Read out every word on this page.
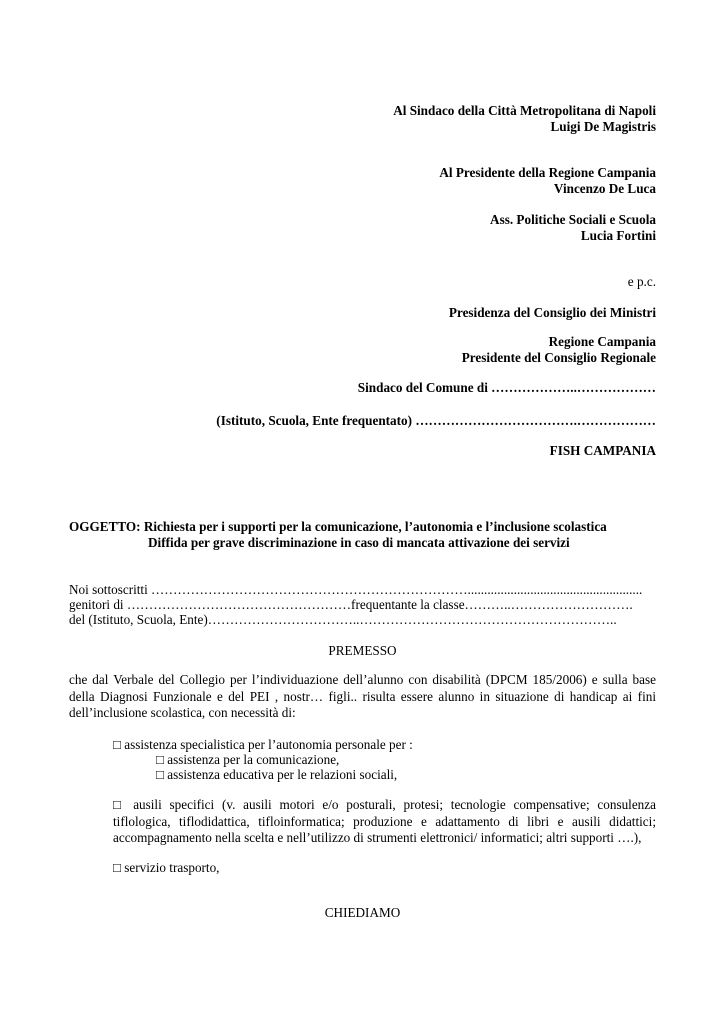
Al Sindaco della Città Metropolitana di Napoli
Luigi De Magistris
Al Presidente della Regione Campania
Vincenzo De Luca
Ass. Politiche Sociali e Scuola
Lucia Fortini
e p.c.
Presidenza del Consiglio dei Ministri
Regione Campania
Presidente del Consiglio Regionale
Sindaco del Comune di ………………..………………
(Istituto, Scuola, Ente frequentato) ……………………………….………………
FISH CAMPANIA
OGGETTO: Richiesta per i supporti per la comunicazione, l’autonomia e l’inclusione scolastica
Diffida per grave discriminazione in caso di mancata attivazione dei servizi
Noi sottoscritti ……………………………………………………………….....................................................
genitori di ……………………………………………frequentante la classe………..……………………….
del (Istituto, Scuola, Ente)……………………………..…………………………………………………..
PREMESSO
che dal Verbale del Collegio per l’individuazione dell’alunno con disabilità (DPCM 185/2006) e sulla base
della Diagnosi Funzionale e del PEI , nostr… figli.. risulta essere alunno in situazione di handicap ai fini
dell’inclusione scolastica, con necessità di:
□ assistenza specialistica per l’autonomia personale per :
□ assistenza per la comunicazione,
□ assistenza educativa per le relazioni sociali,
□ ausili specifici (v. ausili motori e/o posturali, protesi; tecnologie compensative; consulenza
tiflologica, tiflodidattica, tifloinformatica; produzione e adattamento di libri e ausili didattici;
accompagnamento nella scelta e nell’utilizzo di strumenti elettronici/ informatici; altri supporti ….),
□ servizio trasporto,
CHIEDIAMO
